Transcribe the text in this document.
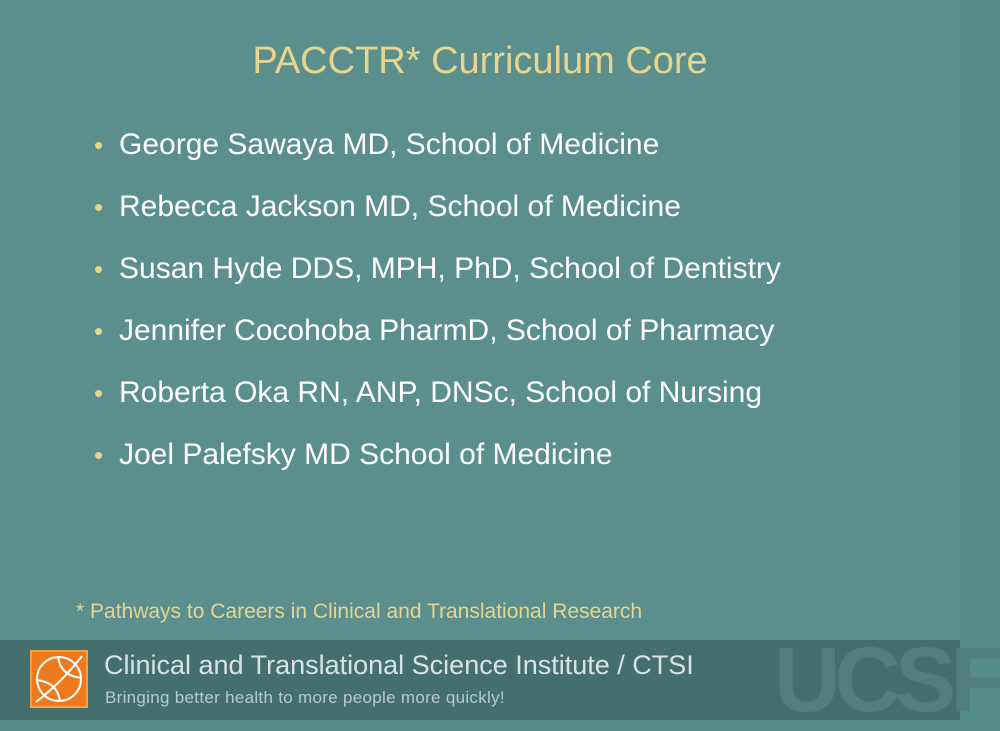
PACCTR* Curriculum Core
• George Sawaya MD, School of Medicine
• Rebecca Jackson MD, School of Medicine
• Susan Hyde DDS, MPH, PhD, School of Dentistry
• Jennifer Cocohoba PharmD, School of Pharmacy
• Roberta Oka RN, ANP, DNSc, School of Nursing
• Joel Palefsky MD School of Medicine
* Pathways to Careers in Clinical and Translational Research
Clinical and Translational Science Institute / CTSI
Bringing better health to more people more quickly!	UCSF
